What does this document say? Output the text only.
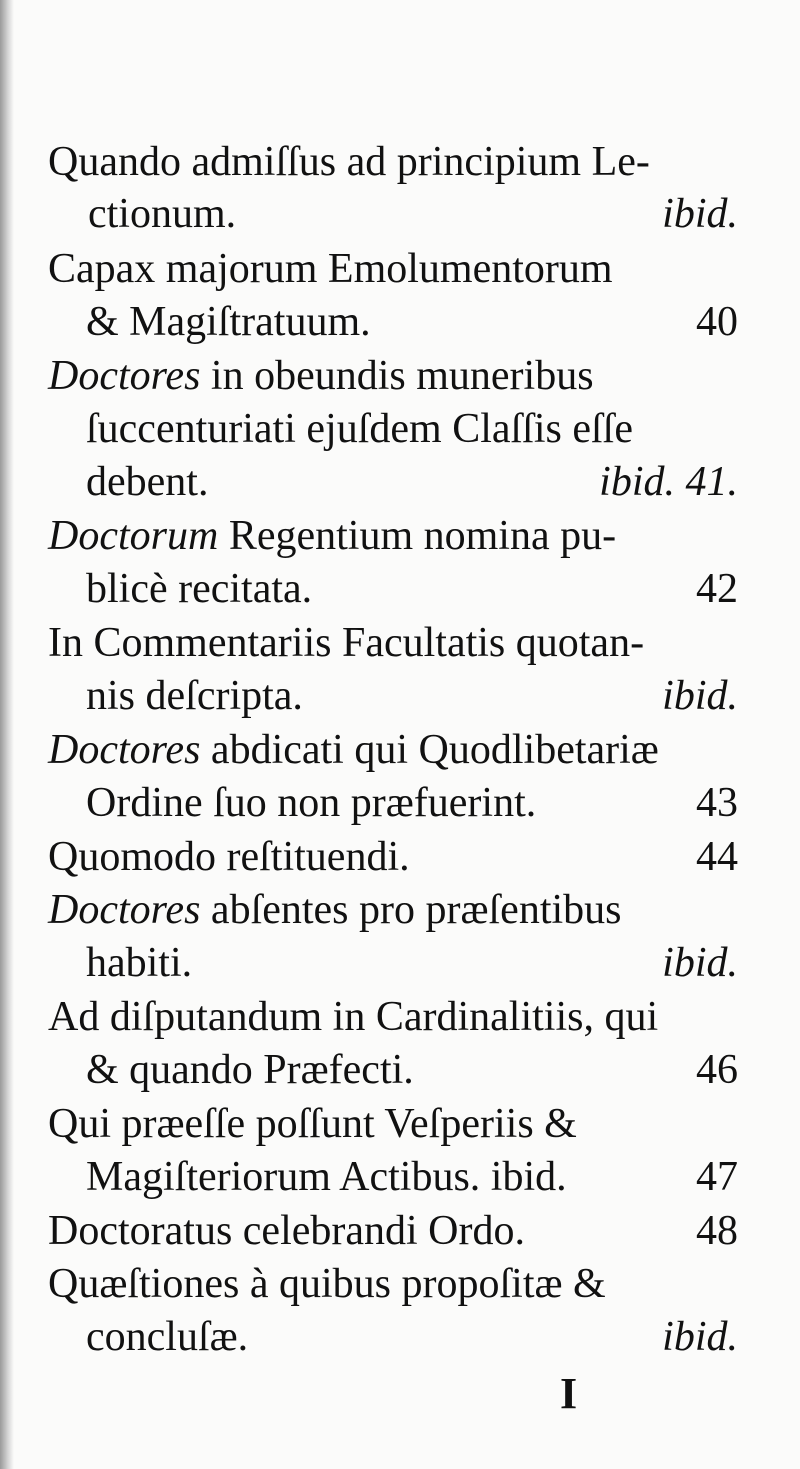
Quando admiſſus ad principium Le-
ctionum.	ibid.
Capax majorum Emolumentorum
& Magiſtratuum.	40
Doctores in obeundis muneribus
ſuccenturiati ejuſdem Claſſis eſſe
debent.	ibid. 41.
Doctorum Regentium nomina pu-
blicè recitata.	42
In Commentariis Facultatis quotan-
nis deſcripta.	ibid.
Doctores abdicati qui Quodlibetariæ
Ordine ſuo non præfuerint.	43
Quomodo reſtituendi.	44
Doctores abſentes pro præſentibus
habiti.	ibid.
Ad diſputandum in Cardinalitiis, qui
& quando Præfecti.	46
Qui præeſſe poſſunt Veſperiis &
Magiſteriorum Actibus. ibid.	47
Doctoratus celebrandi Ordo.	48
Quæſtiones à quibus propoſitæ &
concluſæ.	ibid.
I
